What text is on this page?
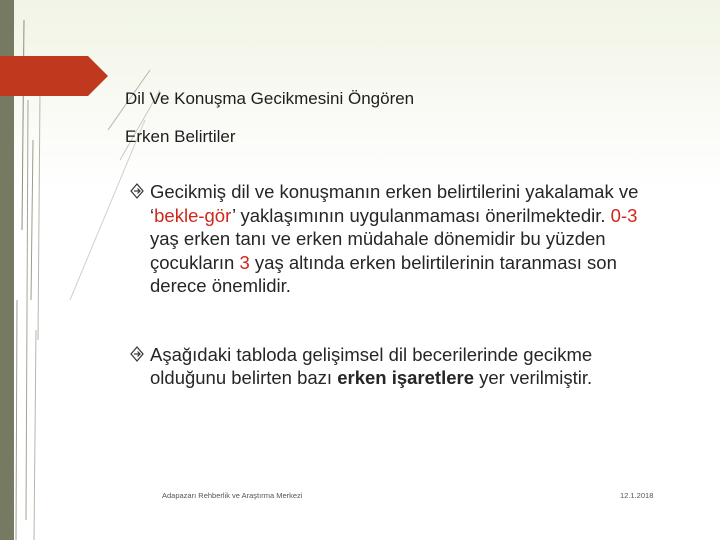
Dil Ve Konuşma Gecikmesini Öngören
Erken Belirtiler

Gecikmiş dil ve konuşmanın erken belirtilerini yakalamak ve ‘bekle-gör’ yaklaşımının uygulanmaması önerilmektedir. 0-3 yaş erken tanı ve erken müdahale dönemidir bu yüzden çocukların 3 yaş altında erken belirtilerinin taranması son derece önemlidir.

Aşağıdaki tabloda gelişimsel dil becerilerinde gecikme olduğunu belirten bazı erken işaretlere yer verilmiştir.

Adapazarı Rehberlik ve Araştırma Merkezi	12.1.2018
